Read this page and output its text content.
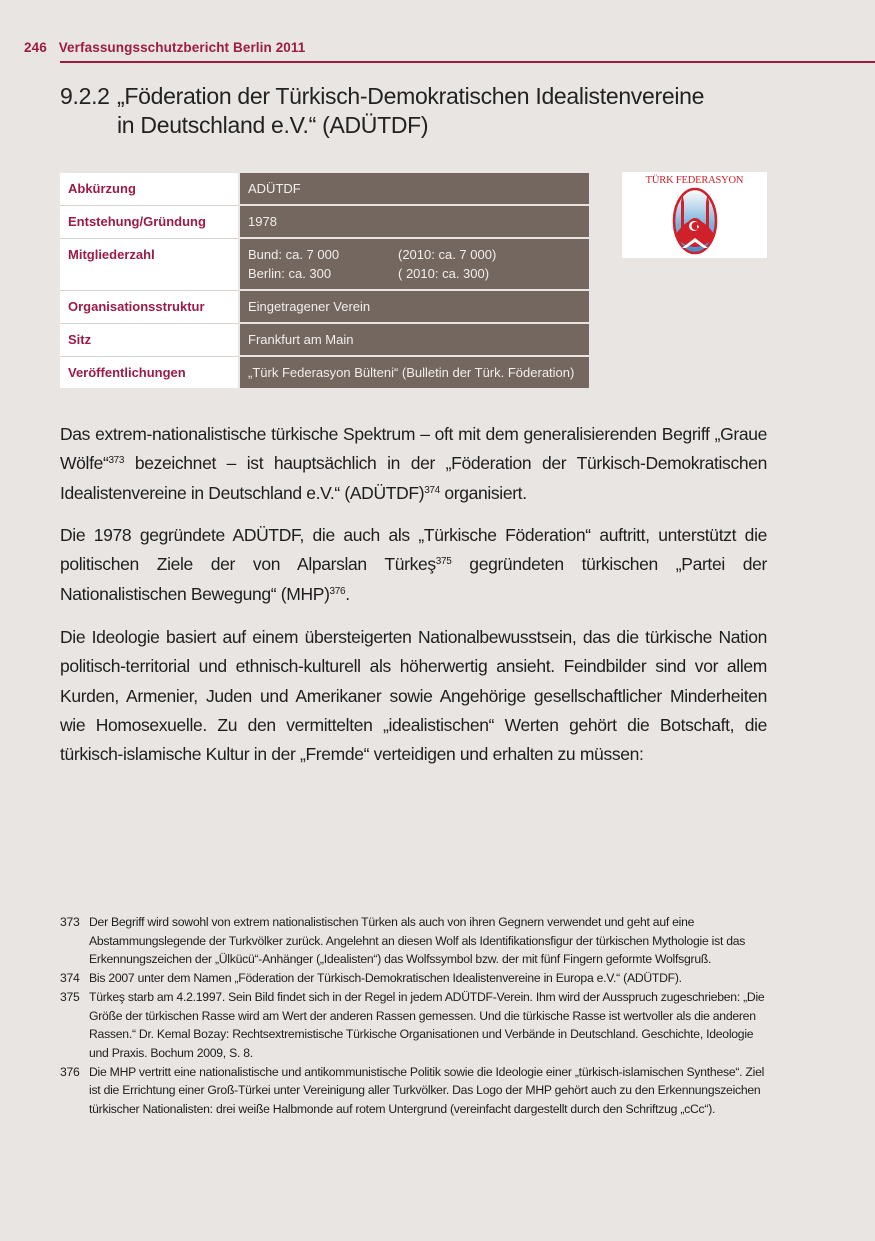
246 Verfassungsschutzbericht Berlin 2011
9.2.2 „Föderation der Türkisch-Demokratischen Idealistenvereine
in Deutschland e.V.“ (ADÜTDF)
Abkürzung	ADÜTDF
Entstehung/Gründung	1978
Mitgliederzahl	Bund: ca. 7 000 (2010: ca. 7 000)
Berlin: ca. 300 ( 2010: ca. 300)

Organisationsstruktur	Eingetragener Verein
Sitz	Frankfurt am Main
Veröffentlichungen	„Türk Federasyon Bülteni“ (Bulletin der Türk. Föderation)
TÜRK FEDERASYON

Das extrem-nationalistische türkische Spektrum – oft mit dem generalisierenden Begriff „Graue Wölfe“$^{373}$ bezeichnet – ist hauptsächlich in der „Föderation der Türkisch-Demokratischen Idealistenvereine in Deutschland e.V.“ (ADÜTDF)$^{374}$ organisiert.

Die 1978 gegründete ADÜTDF, die auch als „Türkische Föderation“ auftritt, unterstützt die politischen Ziele der von Alparslan Türkeş$^{375}$ gegründeten türkischen „Partei der Nationalistischen Bewegung“ (MHP)$^{376}$.

Die Ideologie basiert auf einem übersteigerten Nationalbewusstsein, das die türkische Nation politisch-territorial und ethnisch-kulturell als höherwertig ansieht. Feindbilder sind vor allem Kurden, Armenier, Juden und Amerikaner sowie Angehörige gesellschaftlicher Minderheiten wie Homosexuelle. Zu den vermittelten „idealistischen“ Werten gehört die Botschaft, die türkisch-islamische Kultur in der „Fremde“ verteidigen und erhalten zu müssen:

373 Der Begriff wird sowohl von extrem nationalistischen Türken als auch von ihren Gegnern verwendet und geht auf eine Abstammungslegende der Turkvölker zurück. Angelehnt an diesen Wolf als Identifikationsfigur der türkischen Mythologie ist das Erkennungszeichen der „Ülkücü“-Anhänger („Idealisten“) das Wolfssymbol bzw. der mit fünf Fingern geformte Wolfsgruß.
374 Bis 2007 unter dem Namen „Föderation der Türkisch-Demokratischen Idealistenvereine in Europa e.V.“ (ADÜTDF).
375 Türkeş starb am 4.2.1997. Sein Bild findet sich in der Regel in jedem ADÜTDF-Verein. Ihm wird der Ausspruch zugeschrieben: „Die Größe der türkischen Rasse wird am Wert der anderen Rassen gemessen. Und die türkische Rasse ist wertvoller als die anderen Rassen.“ Dr. Kemal Bozay: Rechtsextremistische Türkische Organisationen und Verbände in Deutschland. Geschichte, Ideologie und Praxis. Bochum 2009, S. 8.
376 Die MHP vertritt eine nationalistische und antikommunistische Politik sowie die Ideologie einer „türkisch-islamischen Synthese“. Ziel ist die Errichtung einer Groß-Türkei unter Vereinigung aller Turkvölker. Das Logo der MHP gehört auch zu den Erkennungszeichen türkischer Nationalisten: drei weiße Halbmonde auf rotem Untergrund (vereinfacht dargestellt durch den Schriftzug „cCc“).
